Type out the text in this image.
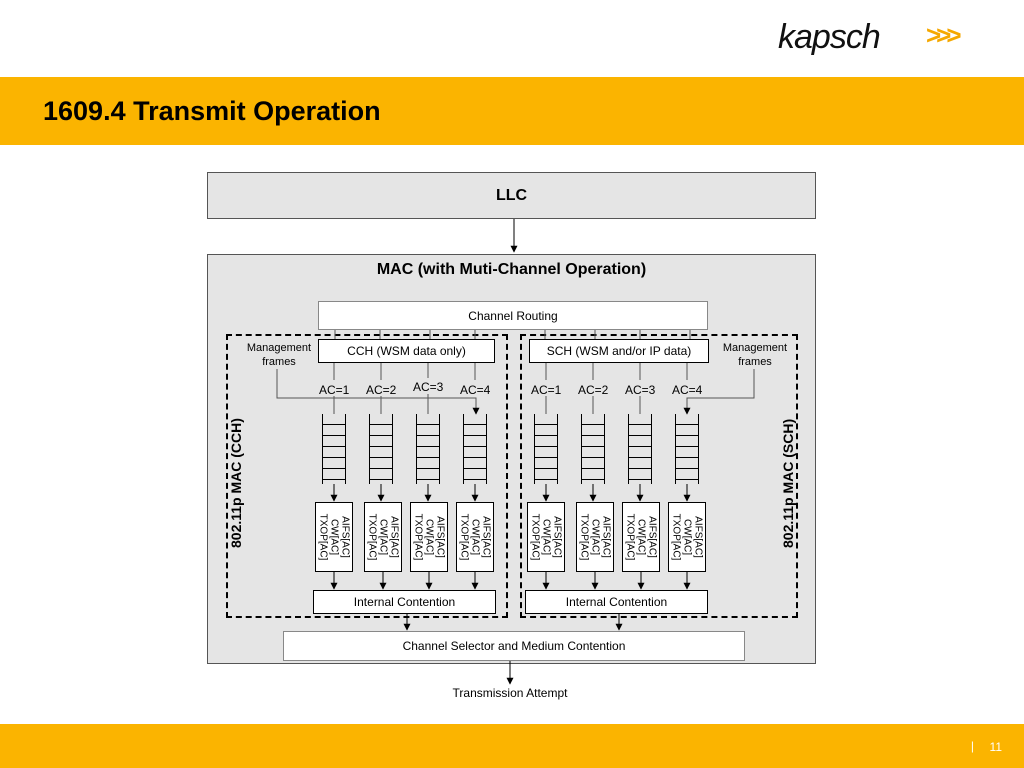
kapsch >>>
1609.4 Transmit Operation
LLC
MAC (with Muti-Channel Operation)
Channel Routing
802.11p MAC (CCH)	802.11p MAC (SCH)
Management frames
Management frames
CCH (WSM data only)	SCH (WSM and/or IP data)
AC=1 AC=2 AC=3 AC=4	AC=1 AC=2 AC=3 AC=4
AIFS[AC]
CW[AC]
TXOP[AC]	AIFS[AC]
CW[AC]
TXOP[AC]	AIFS[AC]
CW[AC]
TXOP[AC]	AIFS[AC]
CW[AC]
TXOP[AC]	AIFS[AC]
CW[AC]
TXOP[AC]	AIFS[AC]
CW[AC]
TXOP[AC]	AIFS[AC]
CW[AC]
TXOP[AC]	AIFS[AC]
CW[AC]
TXOP[AC]
Internal Contention	Internal Contention
Channel Selector and Medium Contention
Transmission Attempt
| 11
